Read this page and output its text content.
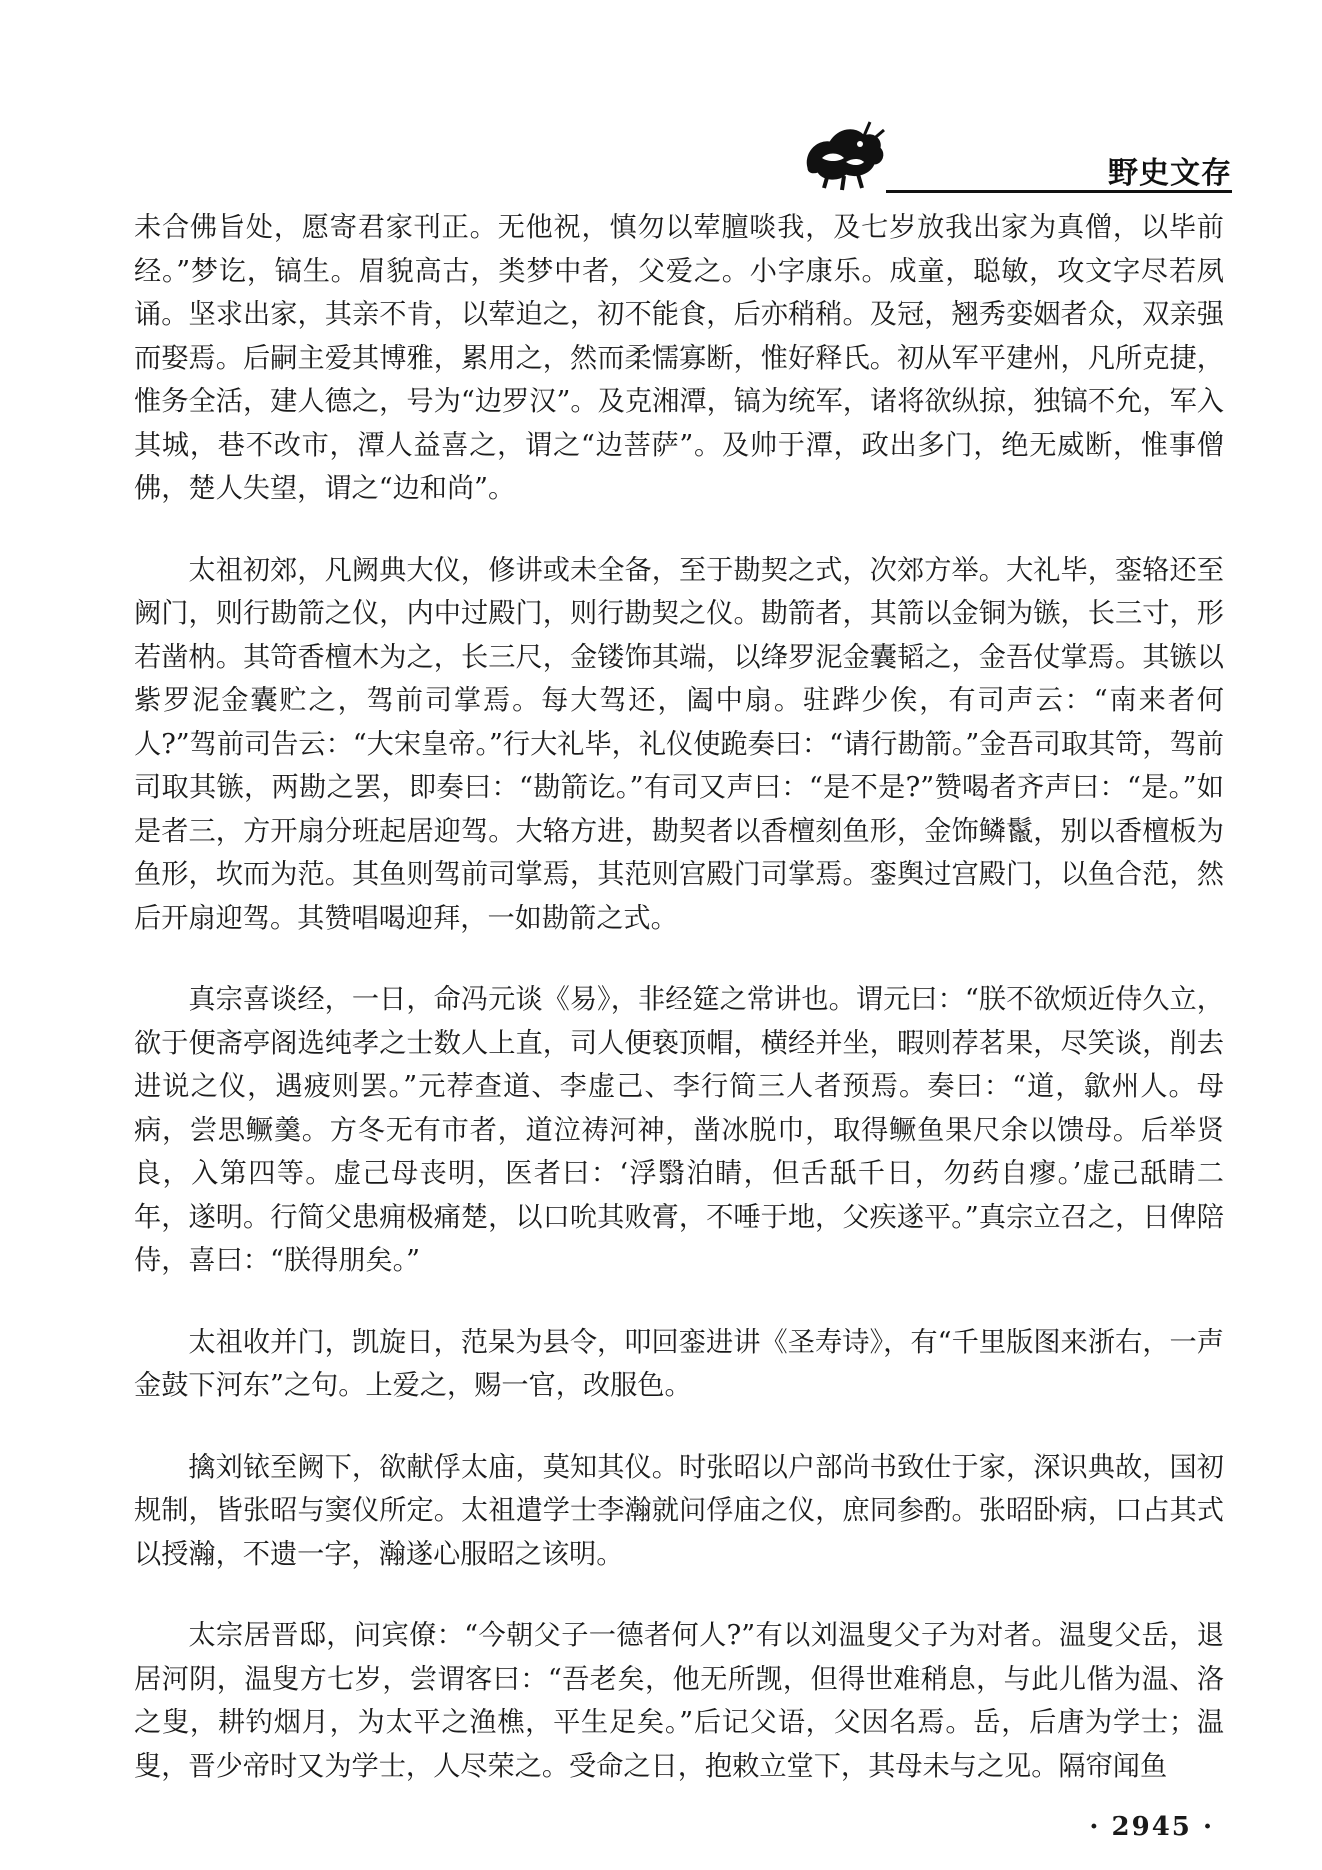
野史文存

未合佛旨处，愿寄君家刊正。无他祝，慎勿以荤膻啖我，及七岁放我出家为真僧，以毕前经。”梦讫，镐生。眉貌高古，类梦中者，父爱之。小字康乐。成童，聪敏，攻文字尽若夙诵。坚求出家，其亲不肯，以荤迫之，初不能食，后亦稍稍。及冠，翘秀娈姻者众，双亲强而娶焉。后嗣主爱其博雅，累用之，然而柔懦寡断，惟好释氏。初从军平建州，凡所克捷，惟务全活，建人德之，号为“边罗汉”。及克湘潭，镐为统军，诸将欲纵掠，独镐不允，军入其城，巷不改市，潭人益喜之，谓之“边菩萨”。及帅于潭，政出多门，绝无威断，惟事僧佛，楚人失望，谓之“边和尚”。

太祖初郊，凡阙典大仪，修讲或未全备，至于勘契之式，次郊方举。大礼毕，銮辂还至阙门，则行勘箭之仪，内中过殿门，则行勘契之仪。勘箭者，其箭以金铜为镞，长三寸，形若凿枘。其笴香檀木为之，长三尺，金镂饰其端，以绛罗泥金囊韬之，金吾仗掌焉。其镞以紫罗泥金囊贮之，驾前司掌焉。每大驾还，阖中扇。驻跸少俟，有司声云：“南来者何人?”驾前司告云：“大宋皇帝。”行大礼毕，礼仪使跪奏曰：“请行勘箭。”金吾司取其笴，驾前司取其镞，两勘之罢，即奏曰：“勘箭讫。”有司又声曰：“是不是?”赞喝者齐声曰：“是。”如是者三，方开扇分班起居迎驾。大辂方进，勘契者以香檀刻鱼形，金饰鳞鬣，别以香檀板为鱼形，坎而为范。其鱼则驾前司掌焉，其范则宫殿门司掌焉。銮舆过宫殿门，以鱼合范，然后开扇迎驾。其赞唱喝迎拜，一如勘箭之式。

真宗喜谈经，一日，命冯元谈《易》，非经筵之常讲也。谓元曰：“朕不欲烦近侍久立，欲于便斋亭阁选纯孝之士数人上直，司人便亵顶帽，横经并坐，暇则荐茗果，尽笑谈，削去进说之仪，遇疲则罢。”元荐查道、李虚己、李行简三人者预焉。奏曰：“道，歙州人。母病，尝思鳜羹。方冬无有市者，道泣祷河神，凿冰脱巾，取得鳜鱼果尺余以馈母。后举贤良，入第四等。虚己母丧明，医者曰：‘浮翳泊睛，但舌舐千日，勿药自瘳。’虚己舐睛二年，遂明。行简父患痈极痛楚，以口吮其败膏，不唾于地，父疾遂平。”真宗立召之，日俾陪侍，喜曰：“朕得朋矣。”

太祖收并门，凯旋日，范杲为县令，叩回銮进讲《圣寿诗》，有“千里版图来浙右，一声金鼓下河东”之句。上爱之，赐一官，改服色。

擒刘铱至阙下，欲献俘太庙，莫知其仪。时张昭以户部尚书致仕于家，深识典故，国初规制，皆张昭与窦仪所定。太祖遣学士李瀚就问俘庙之仪，庶同参酌。张昭卧病，口占其式以授瀚，不遗一字，瀚遂心服昭之该明。

太宗居晋邸，问宾僚：“今朝父子一德者何人?”有以刘温叟父子为对者。温叟父岳，退居河阴，温叟方七岁，尝谓客曰：“吾老矣，他无所觊，但得世难稍息，与此儿偕为温、洛之叟，耕钓烟月，为太平之渔樵，平生足矣。”后记父语，父因名焉。岳，后唐为学士；温叟，晋少帝时又为学士，人尽荣之。受命之日，抱敕立堂下，其母未与之见。隔帘闻鱼

· 2945 ·
